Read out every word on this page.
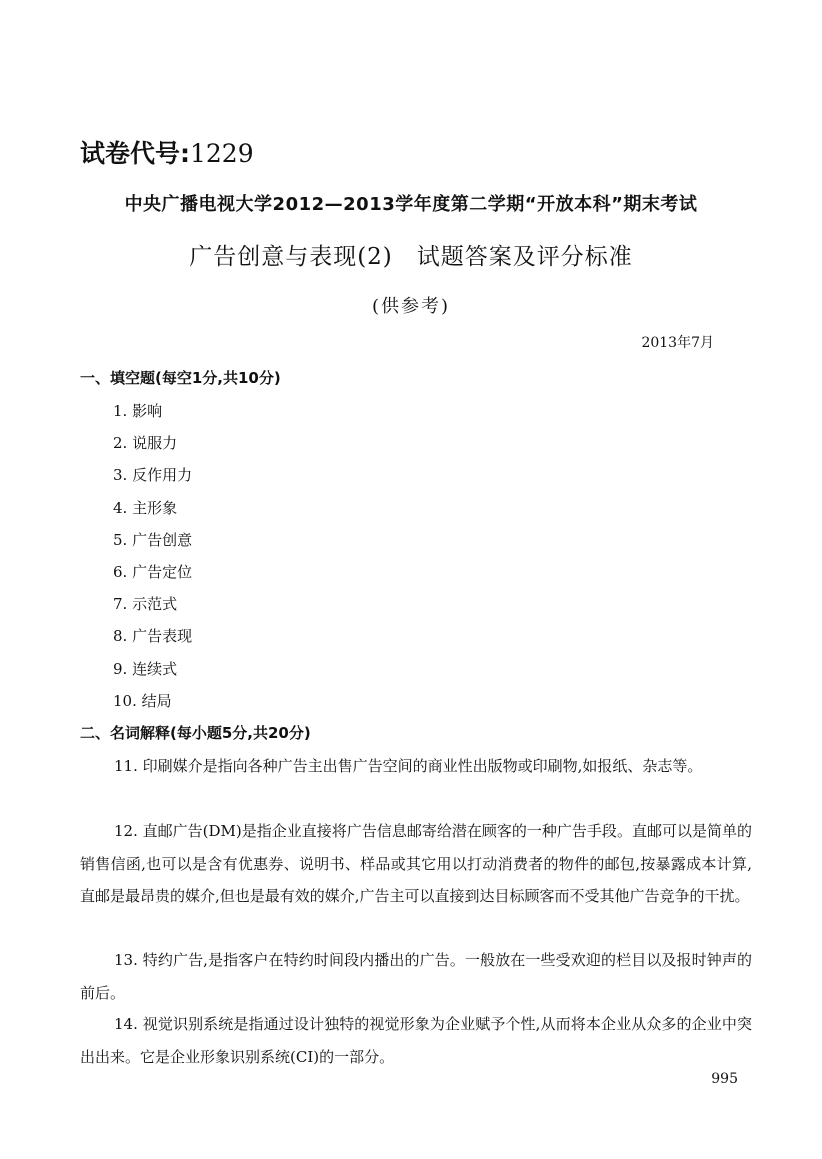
试卷代号:1229
中央广播电视大学2012—2013学年度第二学期“开放本科”期末考试
广告创意与表现(2)　试题答案及评分标准
(供参考)
2013年7月
一、填空题(每空1分,共10分)
1. 影响
2. 说服力
3. 反作用力
4. 主形象
5. 广告创意
6. 广告定位
7. 示范式
8. 广告表现
9. 连续式
10. 结局
二、名词解释(每小题5分,共20分)
11. 印刷媒介是指向各种广告主出售广告空间的商业性出版物或印刷物,如报纸、杂志等。
12. 直邮广告(DM)是指企业直接将广告信息邮寄给潜在顾客的一种广告手段。直邮可以是简单的销售信函,也可以是含有优惠券、说明书、样品或其它用以打动消费者的物件的邮包,按暴露成本计算,直邮是最昂贵的媒介,但也是最有效的媒介,广告主可以直接到达目标顾客而不受其他广告竞争的干扰。
13. 特约广告,是指客户在特约时间段内播出的广告。一般放在一些受欢迎的栏目以及报时钟声的前后。
14. 视觉识别系统是指通过设计独特的视觉形象为企业赋予个性,从而将本企业从众多的企业中突出出来。它是企业形象识别系统(CI)的一部分。
995
